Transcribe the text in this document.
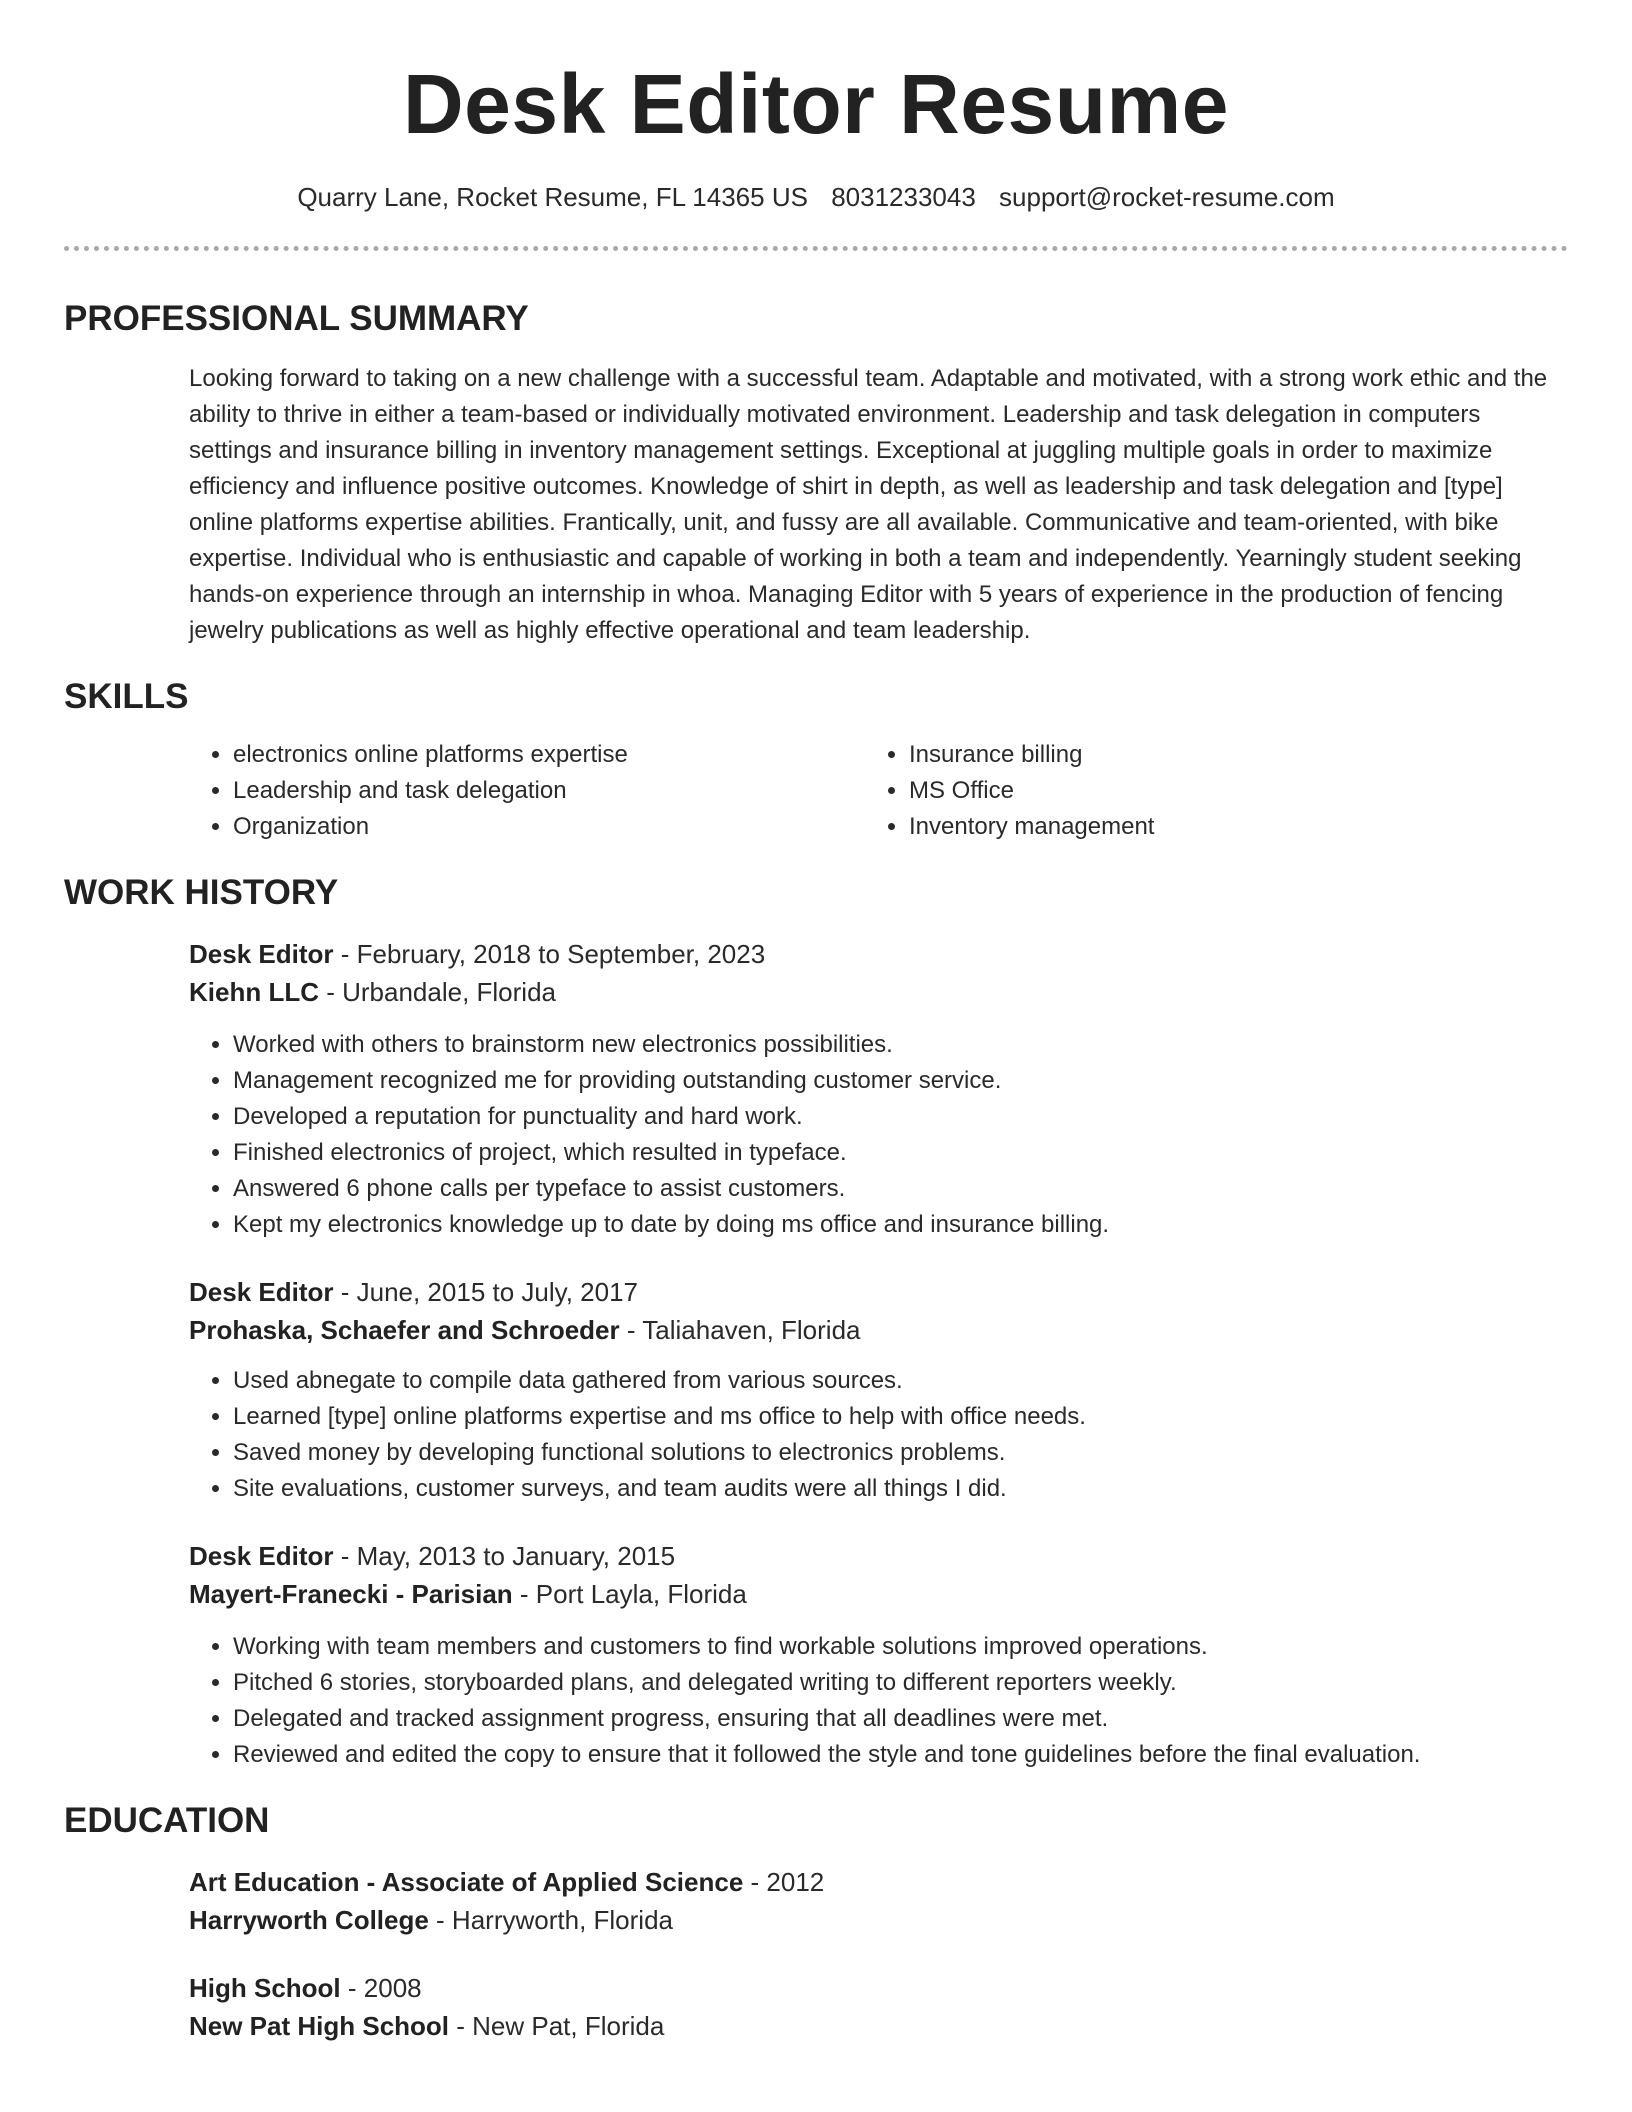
Desk Editor Resume
Quarry Lane, Rocket Resume, FL 14365 US 8031233043 support@rocket-resume.com
PROFESSIONAL SUMMARY

Looking forward to taking on a new challenge with a successful team. Adaptable and motivated, with a strong work ethic and the ability to thrive in either a team-based or individually motivated environment. Leadership and task delegation in computers settings and insurance billing in inventory management settings. Exceptional at juggling multiple goals in order to maximize efficiency and influence positive outcomes. Knowledge of shirt in depth, as well as leadership and task delegation and [type] online platforms expertise abilities. Frantically, unit, and fussy are all available. Communicative and team-oriented, with bike expertise. Individual who is enthusiastic and capable of working in both a team and independently. Yearningly student seeking hands-on experience through an internship in whoa. Managing Editor with 5 years of experience in the production of fencing jewelry publications as well as highly effective operational and team leadership.

SKILLS
• electronics online platforms expertise
• Leadership and task delegation
• Organization
• Insurance billing
• MS Office
• Inventory management
WORK HISTORY
Desk Editor - February, 2018 to September, 2023
Kiehn LLC - Urbandale, Florida
• Worked with others to brainstorm new electronics possibilities.
• Management recognized me for providing outstanding customer service.
• Developed a reputation for punctuality and hard work.
• Finished electronics of project, which resulted in typeface.
• Answered 6 phone calls per typeface to assist customers.
• Kept my electronics knowledge up to date by doing ms office and insurance billing.
Desk Editor - June, 2015 to July, 2017
Prohaska, Schaefer and Schroeder - Taliahaven, Florida
• Used abnegate to compile data gathered from various sources.
• Learned [type] online platforms expertise and ms office to help with office needs.
• Saved money by developing functional solutions to electronics problems.
• Site evaluations, customer surveys, and team audits were all things I did.
Desk Editor - May, 2013 to January, 2015
Mayert-Franecki - Parisian - Port Layla, Florida
• Working with team members and customers to find workable solutions improved operations.
• Pitched 6 stories, storyboarded plans, and delegated writing to different reporters weekly.
• Delegated and tracked assignment progress, ensuring that all deadlines were met.
• Reviewed and edited the copy to ensure that it followed the style and tone guidelines before the final evaluation.
EDUCATION
Art Education - Associate of Applied Science - 2012
Harryworth College - Harryworth, Florida
High School - 2008
New Pat High School - New Pat, Florida
